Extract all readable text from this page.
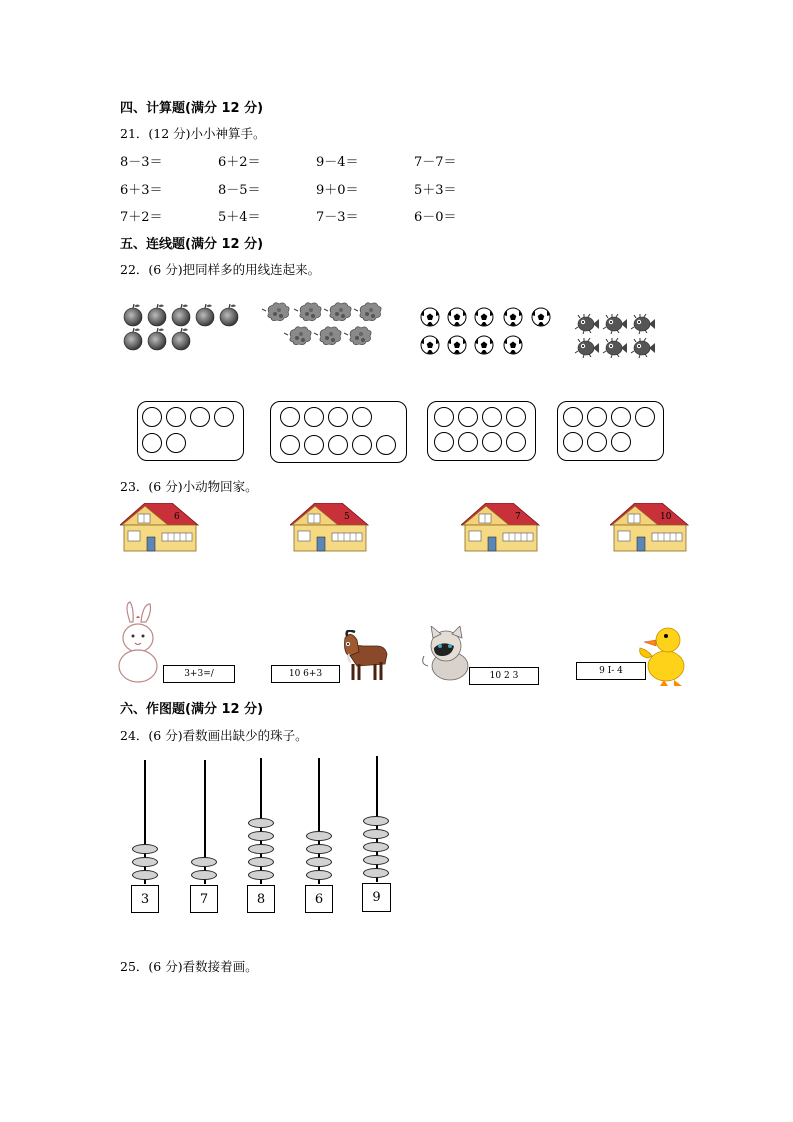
四、计算题(满分 12 分)
21．(12 分)小小神算手。
8－3＝	6＋2＝	9－4＝	7－7＝
6＋3＝	8－5＝	9＋0＝	5＋3＝
7＋2＝	5＋4＝	7－3＝	6－0＝
五、连线题(满分 12 分)
22．(6 分)把同样多的用线连起来。
23．(6 分)小动物回家。
6	5	7	10
3+3=/	10 6+3	10 2 3	9 I- 4
六、作图题(满分 12 分)
24．(6 分)看数画出缺少的珠子。
3	7	8	6	9
25．(6 分)看数接着画。
